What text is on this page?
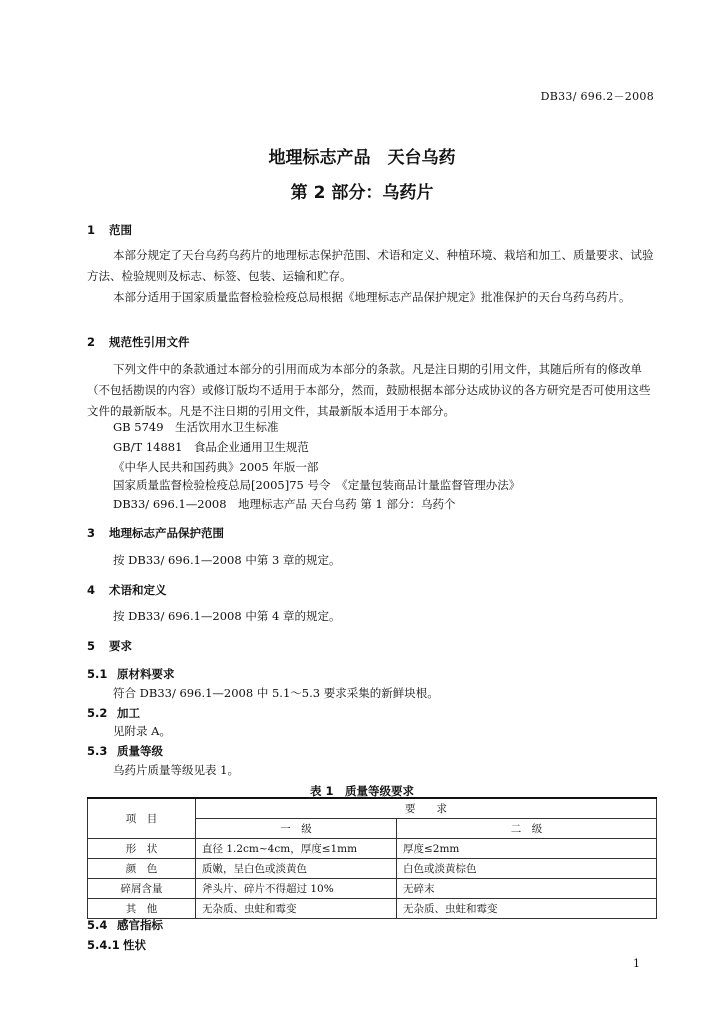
DB33/ 696.2－2008
地理标志产品　天台乌药
第 2 部分：乌药片
1 范围
本部分规定了天台乌药乌药片的地理标志保护范围、术语和定义、种植环境、栽培和加工、质量要求、试验方法、检验规则及标志、标签、包装、运输和贮存。
本部分适用于国家质量监督检验检疫总局根据《地理标志产品保护规定》批准保护的天台乌药乌药片。
2 规范性引用文件
下列文件中的条款通过本部分的引用而成为本部分的条款。凡是注日期的引用文件，其随后所有的修改单（不包括勘误的内容）或修订版均不适用于本部分，然而，鼓励根据本部分达成协议的各方研究是否可使用这些文件的最新版本。凡是不注日期的引用文件，其最新版本适用于本部分。
GB 5749　生活饮用水卫生标准
GB/T 14881　食品企业通用卫生规范
《中华人民共和国药典》2005 年版一部
国家质量监督检验检疫总局[2005]75 号令　《定量包装商品计量监督管理办法》
DB33/ 696.1—2008　地理标志产品 天台乌药 第 1 部分：乌药个
3 地理标志产品保护范围
按 DB33/ 696.1—2008 中第 3 章的规定。
4 术语和定义
按 DB33/ 696.1—2008 中第 4 章的规定。
5 要求
5.1 原材料要求
符合 DB33/ 696.1—2008 中 5.1～5.3 要求采集的新鲜块根。
5.2 加工
见附录 A。
5.3 质量等级
乌药片质量等级见表 1。
表 1　质量等级要求
项　目	要　　求	
	一　级	二　级
形　状	直径 1.2cm~4cm，厚度≤1mm	厚度≤2mm
颜　色	质嫩，呈白色或淡黄色	白色或淡黄棕色
碎屑含量	斧头片、碎片不得超过 10%	无碎末
其　他	无杂质、虫蛀和霉变	无杂质、虫蛀和霉变
5.4 感官指标
5.4.1 性状
1
